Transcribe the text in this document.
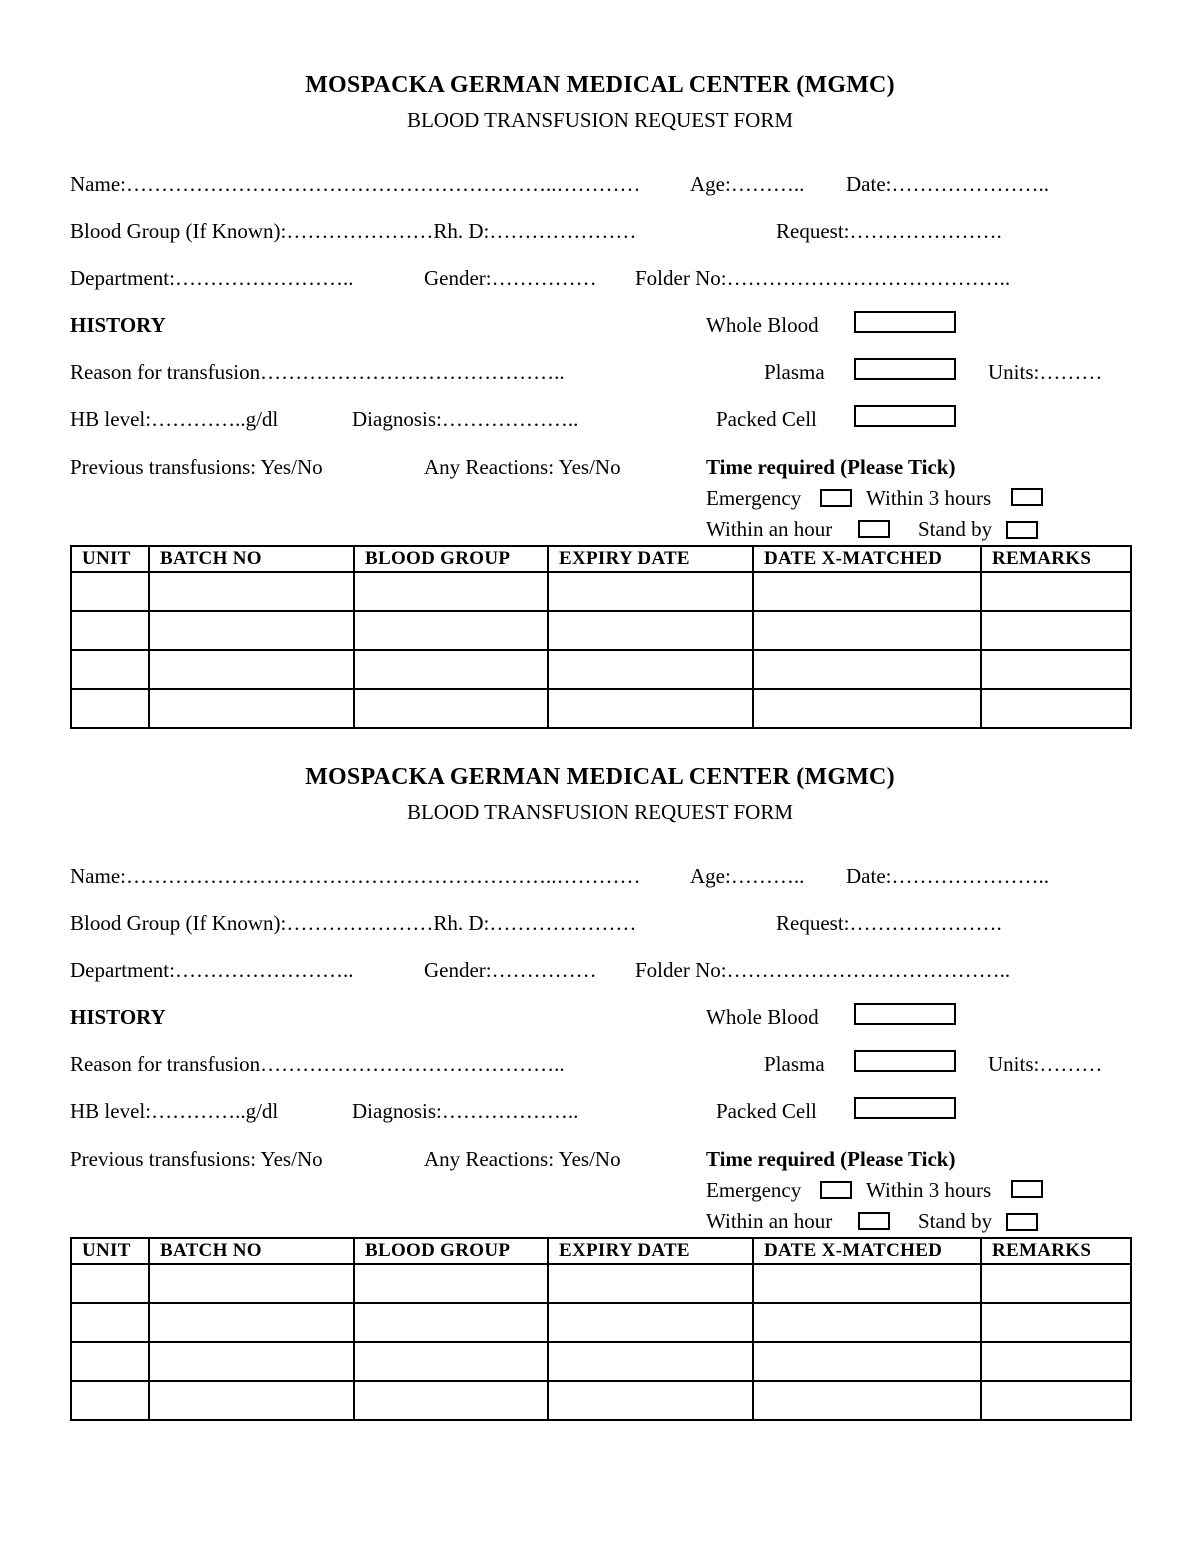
MOSPACKA GERMAN MEDICAL CENTER (MGMC)
BLOOD TRANSFUSION REQUEST FORM
Name:……………………………………………………..………… Age:……….. Date:…………………..
Blood Group (If Known):…………………Rh. D:…………………	Request:………………….
Department:……………………..	Gender:…………… Folder No:…………………………………..
HISTORY	Whole Blood
Reason for transfusion……………………………………..	Plasma	Units:………
HB level:…………..g/dl	Diagnosis:………………..	Packed Cell
Previous transfusions: Yes/No	Any Reactions: Yes/No	Time required (Please Tick)
Emergency	Within 3 hours
Within an hour	Stand by
UNIT	BATCH NO	BLOOD GROUP	EXPIRY DATE	DATE X-MATCHED	REMARKS

MOSPACKA GERMAN MEDICAL CENTER (MGMC)
BLOOD TRANSFUSION REQUEST FORM
Name:……………………………………………………..………… Age:……….. Date:…………………..
Blood Group (If Known):…………………Rh. D:…………………	Request:………………….
Department:……………………..	Gender:…………… Folder No:…………………………………..
HISTORY	Whole Blood
Reason for transfusion……………………………………..	Plasma	Units:………
HB level:…………..g/dl	Diagnosis:………………..	Packed Cell
Previous transfusions: Yes/No	Any Reactions: Yes/No	Time required (Please Tick)
Emergency	Within 3 hours
Within an hour	Stand by
UNIT	BATCH NO	BLOOD GROUP	EXPIRY DATE	DATE X-MATCHED	REMARKS
